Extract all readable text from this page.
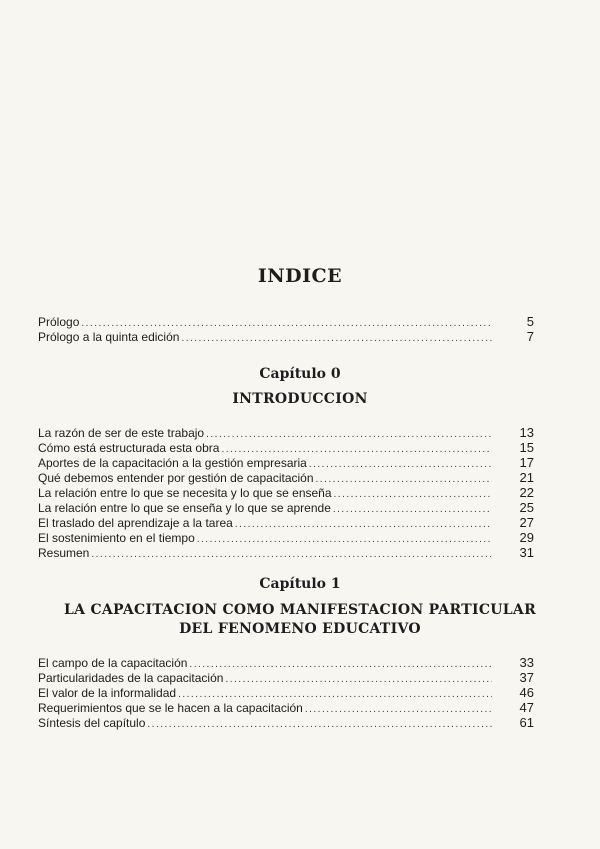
INDICE
Prólogo .....	5
Prólogo a la quinta edición .....	7
Capítulo 0
INTRODUCCION
La razón de ser de este trabajo .....	13
Cómo está estructurada esta obra .....	15
Aportes de la capacitación a la gestión empresaria .....	17
Qué debemos entender por gestión de capacitación .....	21
La relación entre lo que se necesita y lo que se enseña .....	22
La relación entre lo que se enseña y lo que se aprende .....	25
El traslado del aprendizaje a la tarea .....	27
El sostenimiento en el tiempo .....	29
Resumen .....	31
Capítulo 1
LA CAPACITACION COMO MANIFESTACION PARTICULAR
DEL FENOMENO EDUCATIVO
El campo de la capacitación .....	33
Particularidades de la capacitación .....	37
El valor de la informalidad .....	46
Requerimientos que se le hacen a la capacitación .....	47
Síntesis del capítulo .....	61
